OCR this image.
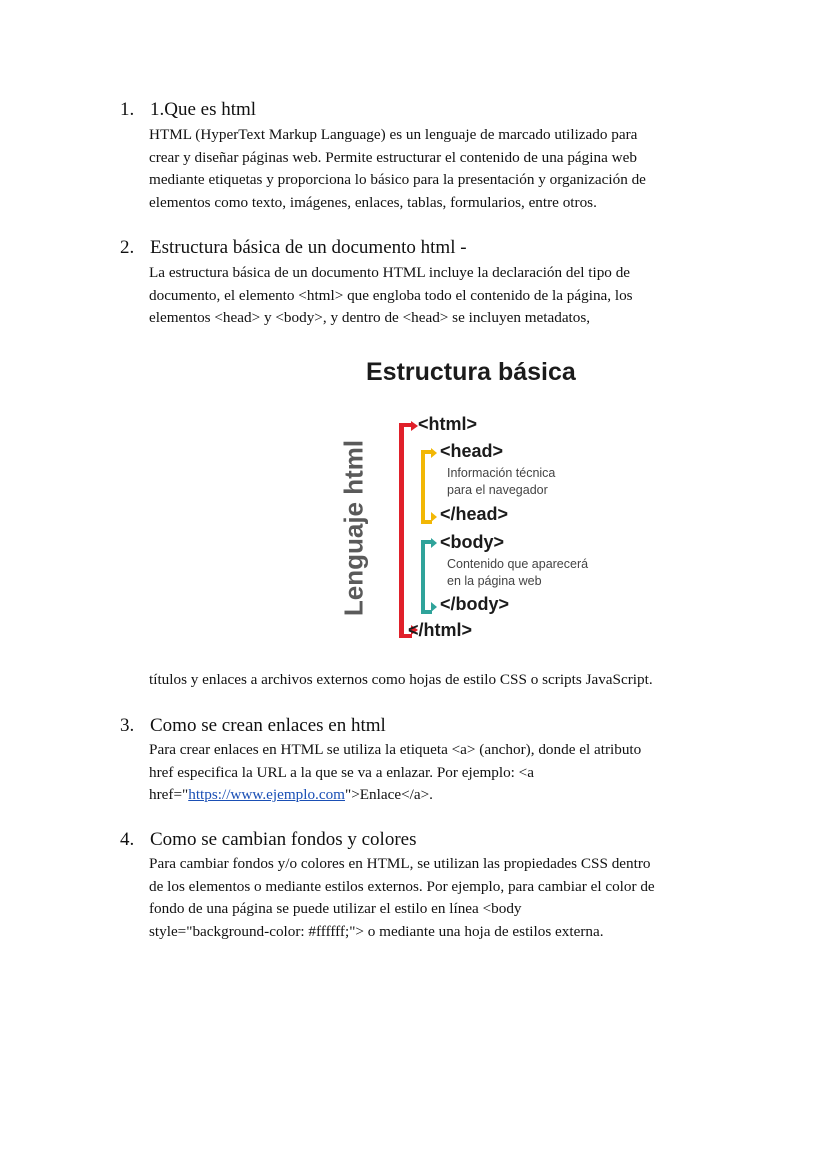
1. 1.Que es html

HTML (HyperText Markup Language) es un lenguaje de marcado utilizado para
crear y diseñar páginas web. Permite estructurar el contenido de una página web
mediante etiquetas y proporciona lo básico para la presentación y organización de
elementos como texto, imágenes, enlaces, tablas, formularios, entre otros.

2. Estructura básica de un documento html -

La estructura básica de un documento HTML incluye la declaración del tipo de
documento, el elemento <html> que engloba todo el contenido de la página, los
elementos <head> y <body>, y dentro de <head> se incluyen metadatos,

Estructura básica
Lenguaje html
<html>
<head>
Información técnica
para el navegador
</head>
<body>
Contenido que aparecerá
en la página web
</body>
</html>

títulos y enlaces a archivos externos como hojas de estilo CSS o scripts JavaScript.

3. Como se crean enlaces en html

Para crear enlaces en HTML se utiliza la etiqueta <a> (anchor), donde el atributo
href especifica la URL a la que se va a enlazar. Por ejemplo: <a
href="https://www.ejemplo.com">Enlace</a>.

4. Como se cambian fondos y colores

Para cambiar fondos y/o colores en HTML, se utilizan las propiedades CSS dentro
de los elementos o mediante estilos externos. Por ejemplo, para cambiar el color de
fondo de una página se puede utilizar el estilo en línea <body
style="background-color: #ffffff;"> o mediante una hoja de estilos externa.
